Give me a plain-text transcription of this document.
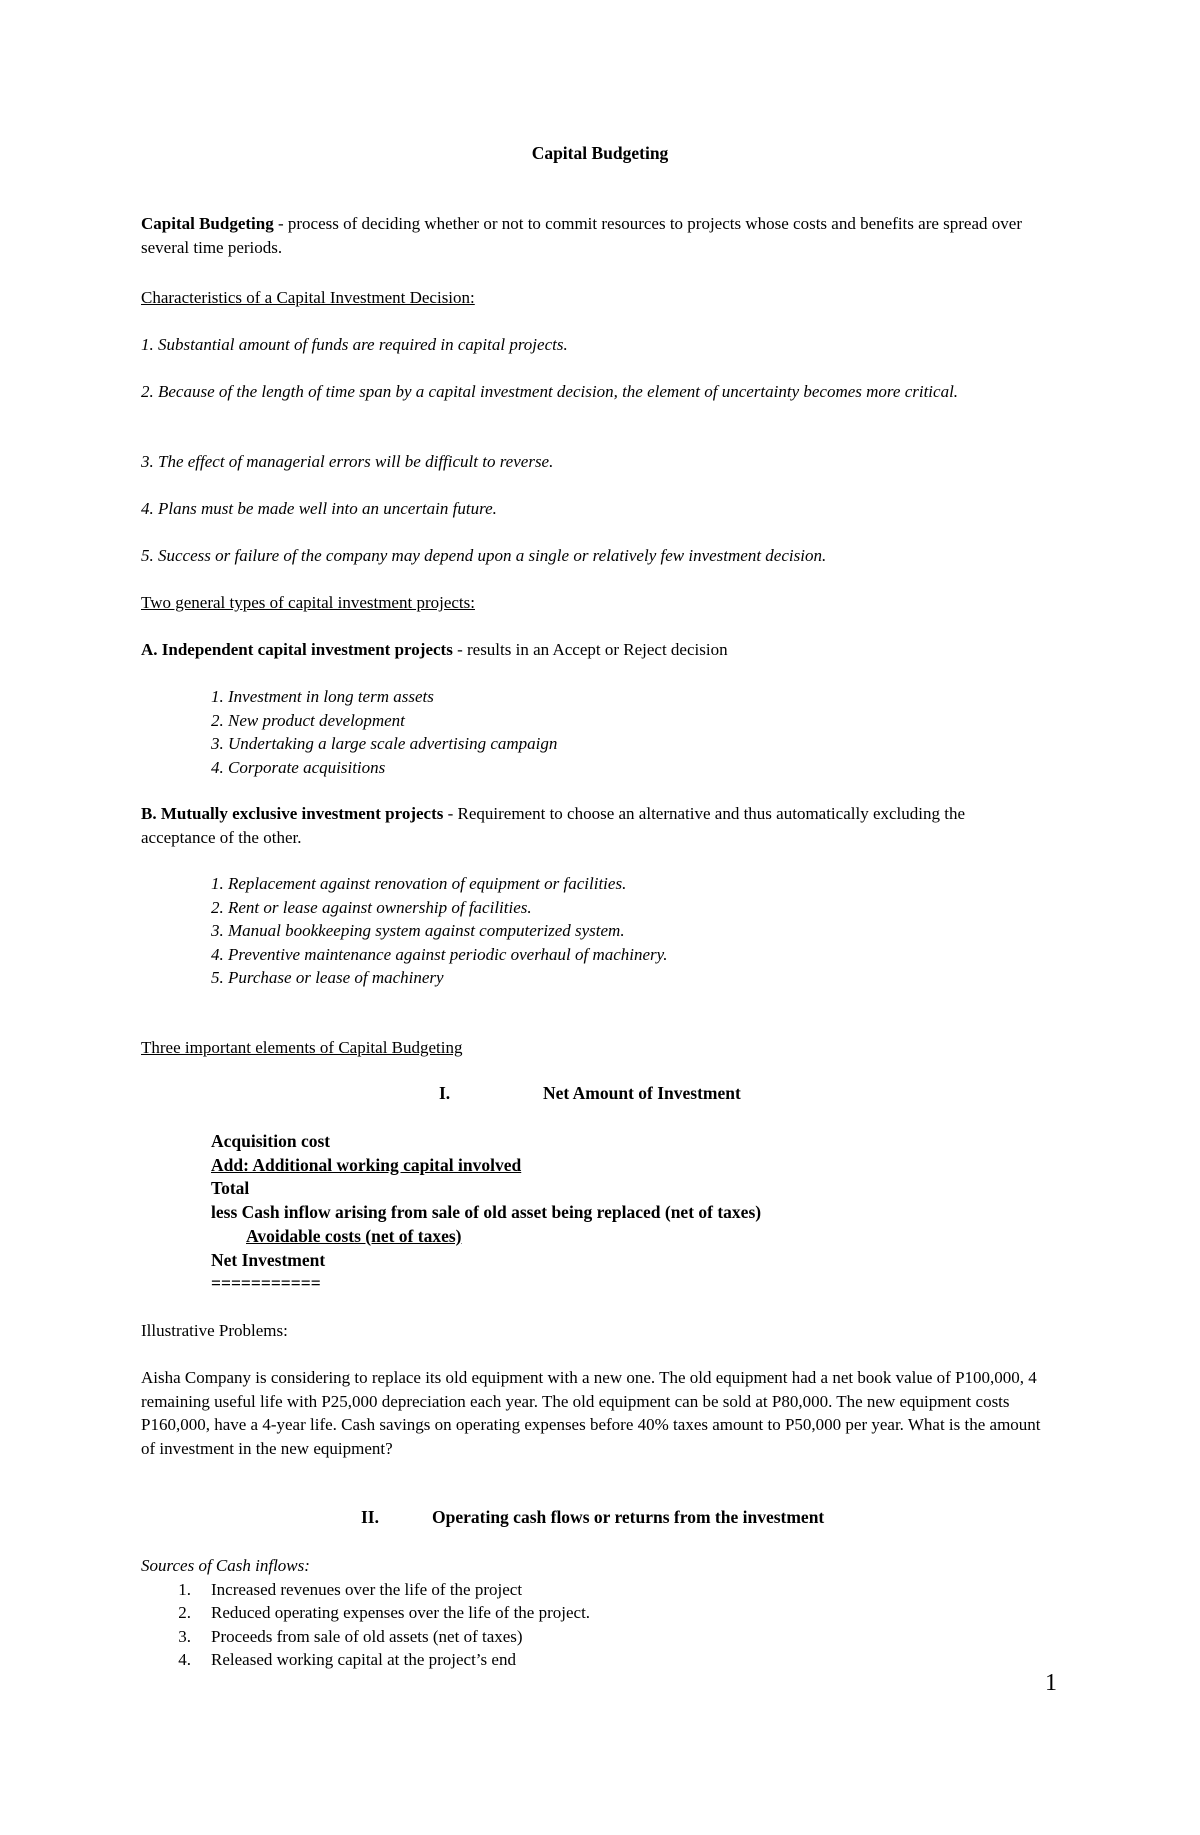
Capital Budgeting
Capital Budgeting - process of deciding whether or not to commit resources to projects whose costs and benefits are spread over several time periods.
Characteristics of a Capital Investment Decision:
1. Substantial amount of funds are required in capital projects.
2. Because of the length of time span by a capital investment decision, the element of uncertainty becomes more critical.
3. The effect of managerial errors will be difficult to reverse.
4. Plans must be made well into an uncertain future.
5. Success or failure of the company may depend upon a single or relatively few investment decision.
Two general types of capital investment projects:
A. Independent capital investment projects - results in an Accept or Reject decision
1. Investment in long term assets
2. New product development
3. Undertaking a large scale advertising campaign
4. Corporate acquisitions
B. Mutually exclusive investment projects - Requirement to choose an alternative and thus automatically excluding the acceptance of the other.
1. Replacement against renovation of equipment or facilities.
2. Rent or lease against ownership of facilities.
3. Manual bookkeeping system against computerized system.
4. Preventive maintenance against periodic overhaul of machinery.
5. Purchase or lease of machinery
Three important elements of Capital Budgeting
I.	Net Amount of Investment
Acquisition cost
Add: Additional working capital involved
Total
less Cash inflow arising from sale of old asset being replaced (net of taxes)
Avoidable costs (net of taxes)
Net Investment
===========
Illustrative Problems:
Aisha Company is considering to replace its old equipment with a new one. The old equipment had a net book value of P100,000, 4 remaining useful life with P25,000 depreciation each year. The old equipment can be sold at P80,000. The new equipment costs P160,000, have a 4-year life. Cash savings on operating expenses before 40% taxes amount to P50,000 per year. What is the amount of investment in the new equipment?
II.	Operating cash flows or returns from the investment
Sources of Cash inflows:
1. Increased revenues over the life of the project
2. Reduced operating expenses over the life of the project.
3. Proceeds from sale of old assets (net of taxes)
4. Released working capital at the project’s end
1
